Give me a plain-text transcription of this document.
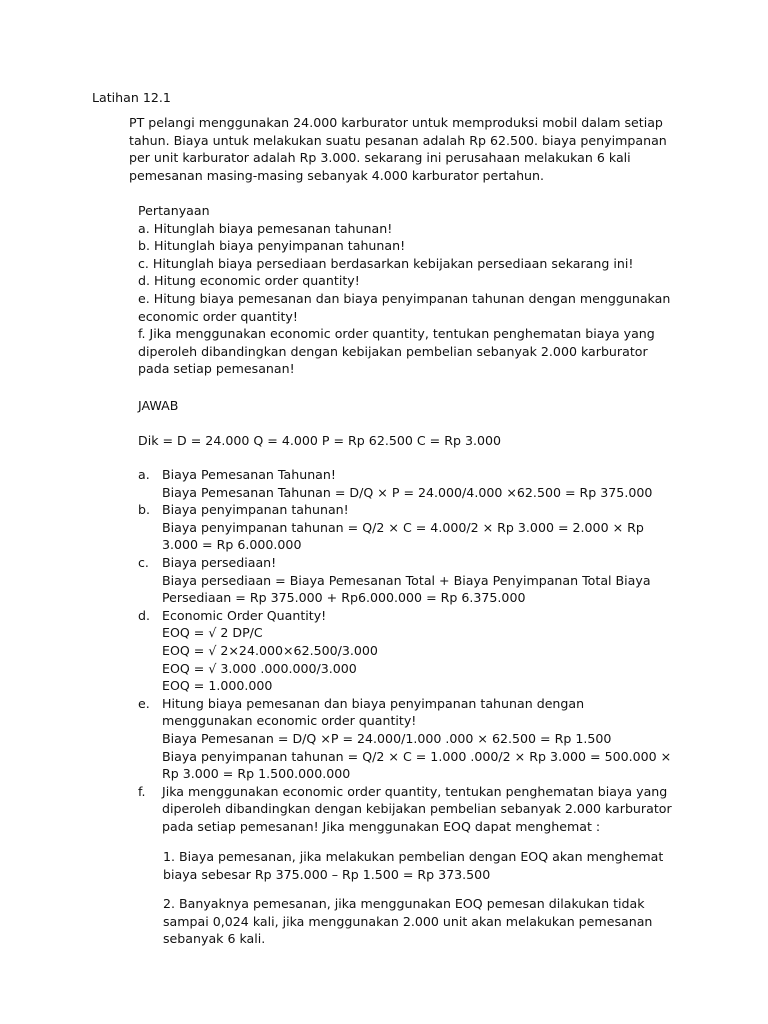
Latihan 12.1

PT pelangi menggunakan 24.000 karburator untuk memproduksi mobil dalam setiap tahun. Biaya untuk melakukan suatu pesanan adalah Rp 62.500. biaya penyimpanan per unit karburator adalah Rp 3.000. sekarang ini perusahaan melakukan 6 kali pemesanan masing-masing sebanyak 4.000 karburator pertahun.

Pertanyaan
a. Hitunglah biaya pemesanan tahunan!
b. Hitunglah biaya penyimpanan tahunan!
c. Hitunglah biaya persediaan berdasarkan kebijakan persediaan sekarang ini!
d. Hitung economic order quantity!
e. Hitung biaya pemesanan dan biaya penyimpanan tahunan dengan menggunakan economic order quantity!
f. Jika menggunakan economic order quantity, tentukan penghematan biaya yang diperoleh dibandingkan dengan kebijakan pembelian sebanyak 2.000 karburator pada setiap pemesanan!
JAWAB
Dik = D = 24.000 Q = 4.000 P = Rp 62.500 C = Rp 3.000
a. Biaya Pemesanan Tahunan!
Biaya Pemesanan Tahunan = D/Q × P = 24.000/4.000 ×62.500 = Rp 375.000
b. Biaya penyimpanan tahunan!
Biaya penyimpanan tahunan = Q/2 × C = 4.000/2 × Rp 3.000 = 2.000 × Rp 3.000 = Rp 6.000.000
c. Biaya persediaan!
Biaya persediaan = Biaya Pemesanan Total + Biaya Penyimpanan Total Biaya Persediaan = Rp 375.000 + Rp6.000.000 = Rp 6.375.000
d. Economic Order Quantity!
EOQ = √ 2 DP/C
EOQ = √ 2×24.000×62.500/3.000
EOQ = √ 3.000 .000.000/3.000
EOQ = 1.000.000
e. Hitung biaya pemesanan dan biaya penyimpanan tahunan dengan menggunakan economic order quantity!
Biaya Pemesanan = D/Q ×P = 24.000/1.000 .000 × 62.500 = Rp 1.500
Biaya penyimpanan tahunan = Q/2 × C = 1.000 .000/2 × Rp 3.000 = 500.000 × Rp 3.000 = Rp 1.500.000.000
f. Jika menggunakan economic order quantity, tentukan penghematan biaya yang diperoleh dibandingkan dengan kebijakan pembelian sebanyak 2.000 karburator pada setiap pemesanan! Jika menggunakan EOQ dapat menghemat :
1. Biaya pemesanan, jika melakukan pembelian dengan EOQ akan menghemat biaya sebesar Rp 375.000 – Rp 1.500 = Rp 373.500
2. Banyaknya pemesanan, jika menggunakan EOQ pemesan dilakukan tidak sampai 0,024 kali, jika menggunakan 2.000 unit akan melakukan pemesanan sebanyak 6 kali.
